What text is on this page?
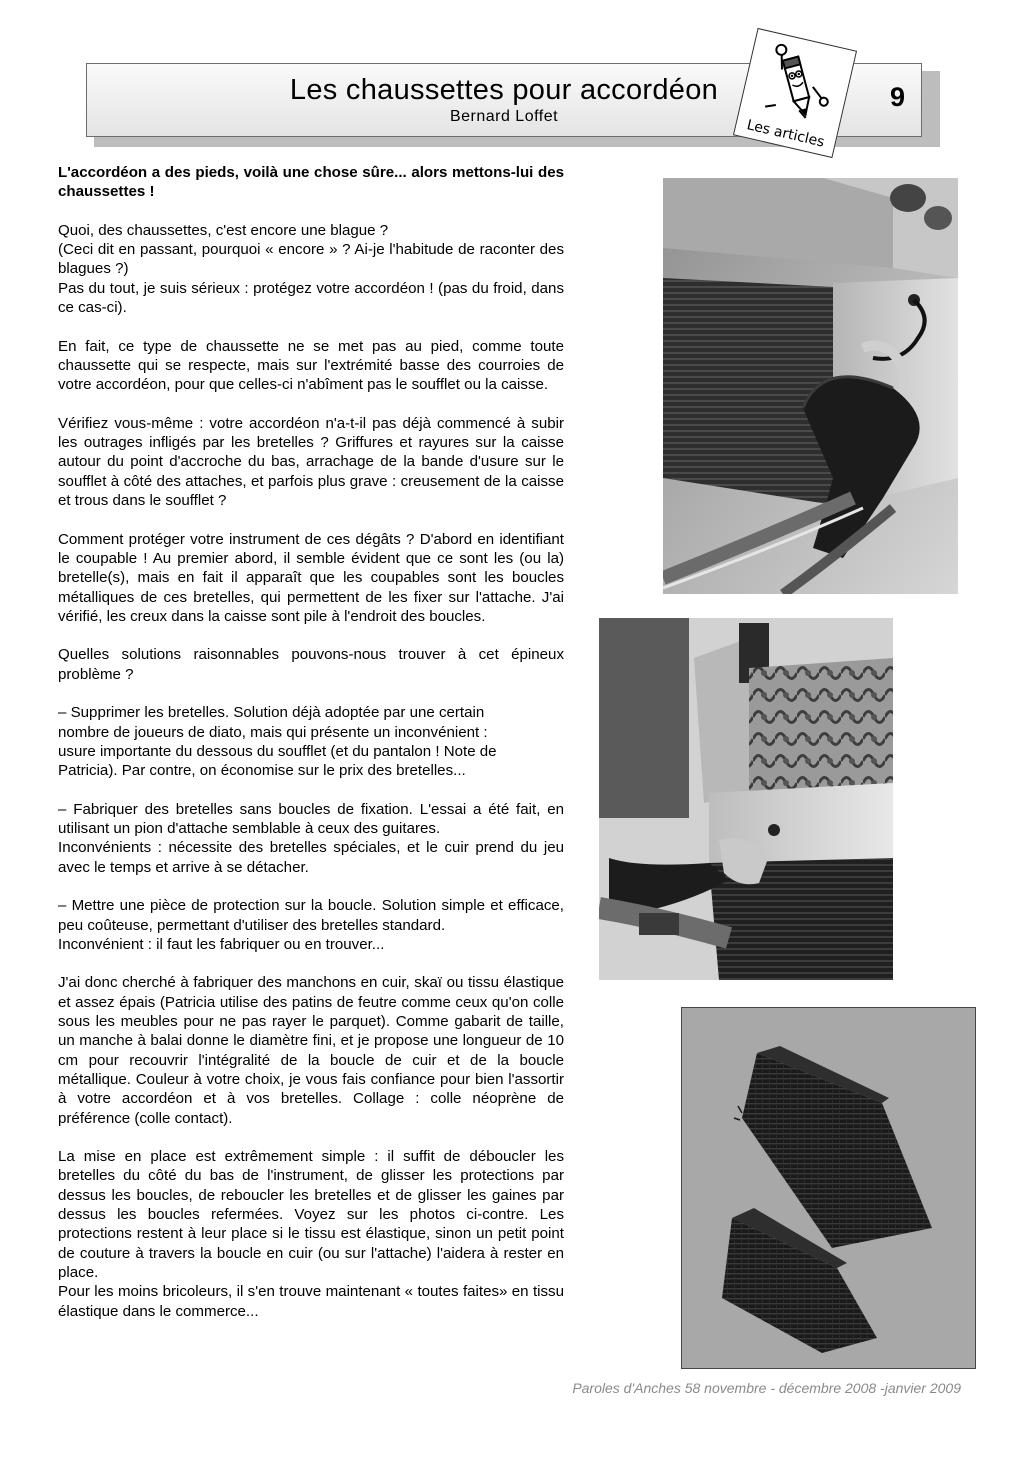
Les chaussettes pour accordéon
Bernard Loffet
9
Les articles

L'accordéon a des pieds, voilà une chose sûre... alors mettons-lui des chaussettes !

Quoi, des chaussettes, c'est encore une blague ?
(Ceci dit en passant, pourquoi « encore » ? Ai-je l'habitude de raconter des blagues ?)
Pas du tout, je suis sérieux : protégez votre accordéon ! (pas du froid, dans ce cas-ci).

En fait, ce type de chaussette ne se met pas au pied, comme toute chaussette qui se respecte, mais sur l'extrémité basse des courroies de votre accordéon, pour que celles-ci n'abîment pas le soufflet ou la caisse.

Vérifiez vous-même : votre accordéon n'a-t-il pas déjà commencé à subir les outrages infligés par les bretelles ? Griffures et rayures sur la caisse autour du point d'accroche du bas, arrachage de la bande d'usure sur le soufflet à côté des attaches, et parfois plus grave : creusement de la caisse et trous dans le soufflet ?

Comment protéger votre instrument de ces dégâts ? D'abord en identifiant le coupable ! Au premier abord, il semble évident que ce sont les (ou la) bretelle(s), mais en fait il apparaît que les coupables sont les boucles métalliques de ces bretelles, qui permettent de les fixer sur l'attache. J'ai vérifié, les creux dans la caisse sont pile à l'endroit des boucles.

Quelles solutions raisonnables pouvons-nous trouver à cet épineux problème ?

– Supprimer les bretelles. Solution déjà adoptée par une certain
nombre de joueurs de diato, mais qui présente un inconvénient :
usure importante du dessous du soufflet (et du pantalon ! Note de
Patricia). Par contre, on économise sur le prix des bretelles...

– Fabriquer des bretelles sans boucles de fixation. L'essai a été fait, en utilisant un pion d'attache semblable à ceux des guitares.
Inconvénients : nécessite des bretelles spéciales, et le cuir prend du jeu avec le temps et arrive à se détacher.

– Mettre une pièce de protection sur la boucle. Solution simple et efficace, peu coûteuse, permettant d'utiliser des bretelles standard.
Inconvénient : il faut les fabriquer ou en trouver...

J'ai donc cherché à fabriquer des manchons en cuir, skaï ou tissu élastique et assez épais (Patricia utilise des patins de feutre comme ceux qu'on colle sous les meubles pour ne pas rayer le parquet). Comme gabarit de taille, un manche à balai donne le diamètre fini, et je propose une longueur de 10 cm pour recouvrir l'intégralité de la boucle de cuir et de la boucle métallique. Couleur à votre choix, je vous fais confiance pour bien l'assortir à votre accordéon et à vos bretelles. Collage : colle néoprène de préférence (colle contact).

La mise en place est extrêmement simple : il suffit de déboucler les bretelles du côté du bas de l'instrument, de glisser les protections par dessus les boucles, de reboucler les bretelles et de glisser les gaines par dessus les boucles refermées. Voyez sur les photos ci-contre. Les protections restent à leur place si le tissu est élastique, sinon un petit point de couture à travers la boucle en cuir (ou sur l'attache) l'aidera à rester en place.
Pour les moins bricoleurs, il s'en trouve maintenant « toutes faites» en tissu élastique dans le commerce...

Paroles d'Anches 58 novembre - décembre 2008 -janvier 2009
